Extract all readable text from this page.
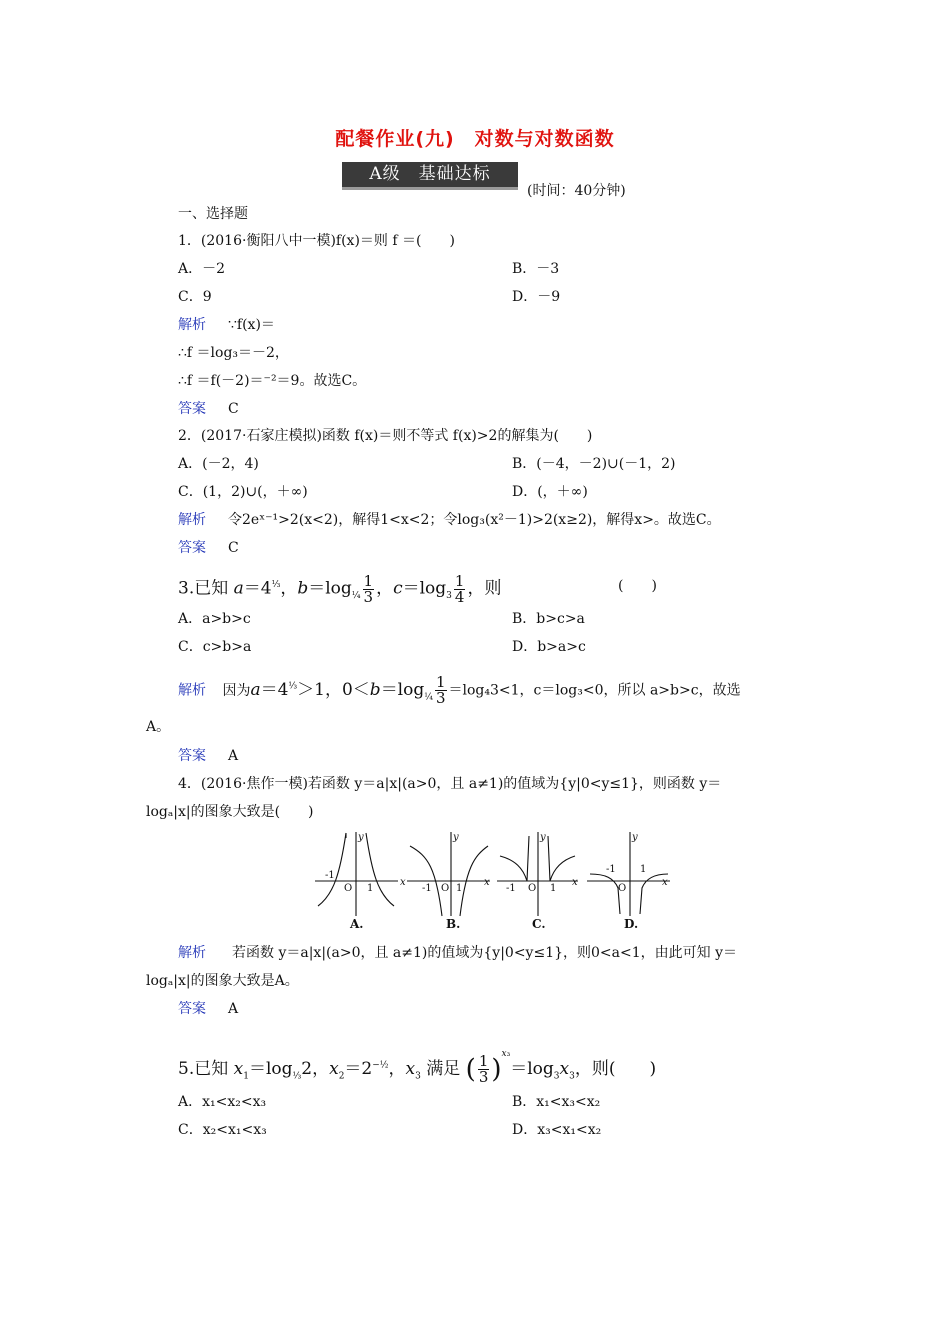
配餐作业(九)　对数与对数函数
A级　基础达标
(时间：40分钟)
一、选择题
1．(2016·衡阳八中一模)f(x)＝则 f ＝(　　)
A．－2	B．－3
C．9	D．－9
解析 ∵f(x)＝
∴f ＝log₃＝－2，
∴f ＝f(－2)＝⁻²＝9。故选C。
答案 C
2．(2017·石家庄模拟)函数 f(x)＝则不等式 f(x)>2的解集为(　　)
A．(－2，4)	B．(－4，－2)∪(－1，2)
C．(1，2)∪(，＋∞)	D．(，＋∞)
解析 令2eˣ⁻¹>2(x<2)，解得1<x<2；令log₃(x²－1)>2(x≥2)，解得x>。故选C。
答案 C
3.已知 $a=4^{\frac{1}{3}}$，$b=\log_{\frac{1}{4}} \frac{1}{3}$ ，$c=\log_3 \frac{1}{4}$ ，则	(　　)
A．a>b>c	B．b>c>a
C．c>b>a	D．b>a>c
解析 因为$a=4^{\frac{1}{3}}>1$，$0<b=\log_{\frac{1}{4}} \frac{1}{3} =\log_43<1$，c＝log₃<0，所以 a>b>c，故选
A。
答案 A
4．(2016·焦作一模)若函数 y＝a|x|(a>0，且 a≠1)的值域为{y|0<y≤1}，则函数 y＝
logₐ|x|的图象大致是(　　)
-1
O 1
x
y
-1 O 1
x
y
-1 O 1
x
y
-1
O
1
x
y
A.	B.	C.	D.
解析 若函数 y＝a|x|(a>0，且 a≠1)的值域为{y|0<y≤1}，则0<a<1，由此可知 y＝
logₐ|x|的图象大致是A。
答案 A
5.已知 $x_1=\log_{\frac{1}{3}}2$，$x_2=2^{-\frac{1}{2}}$，$x_3$ 满足 ( $\frac{1}{3} )^{x_3}=\log_3x_3$，则(　　)
A．x₁<x₂<x₃	B．x₁<x₃<x₂
C．x₂<x₁<x₃	D．x₃<x₁<x₂
